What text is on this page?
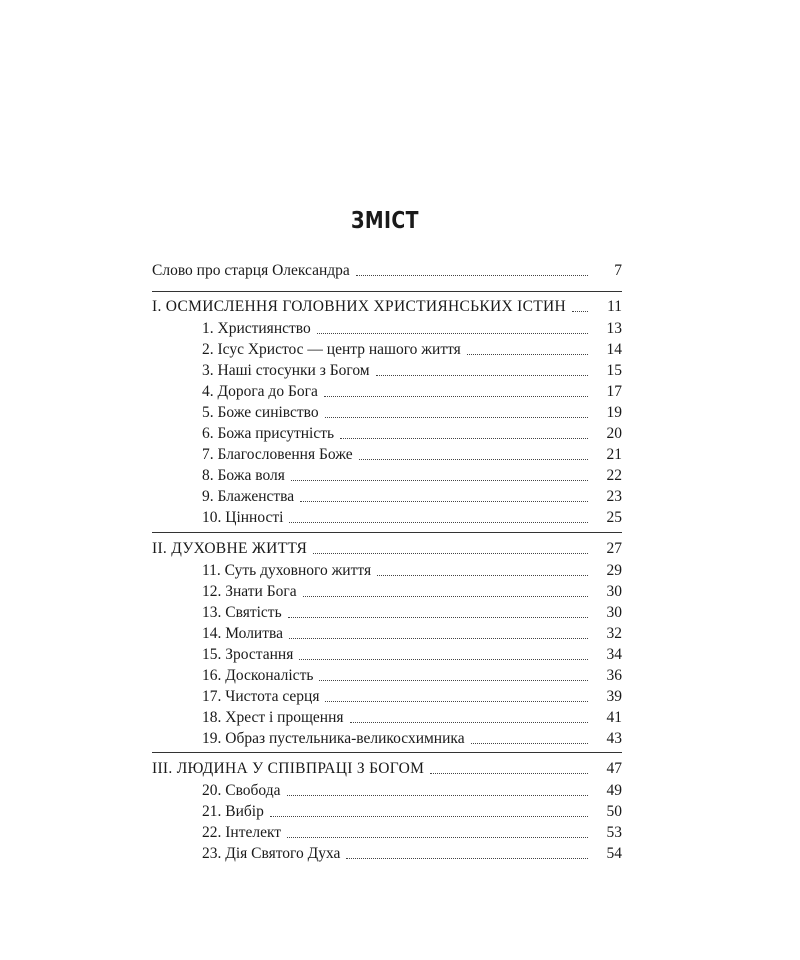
ЗМІСТ
Слово про старця Олександра	7
І. ОСМИСЛЕННЯ ГОЛОВНИХ ХРИСТИЯНСЬКИХ ІСТИН	11
1. Християнство	13
2. Ісус Христос — центр нашого життя	14
3. Наші стосунки з Богом	15
4. Дорога до Бога	17
5. Боже синівство	19
6. Божа присутність	20
7. Благословення Боже	21
8. Божа воля	22
9. Блаженства	23
10. Цінності	25
ІІ. ДУХОВНЕ ЖИТТЯ	27
11. Суть духовного життя	29
12. Знати Бога	30
13. Святість	30
14. Молитва	32
15. Зростання	34
16. Досконалість	36
17. Чистота серця	39
18. Хрест і прощення	41
19. Образ пустельника-великосхимника	43
ІІІ. ЛЮДИНА У СПІВПРАЦІ З БОГОМ	47
20. Свобода	49
21. Вибір	50
22. Інтелект	53
23. Дія Святого Духа	54
